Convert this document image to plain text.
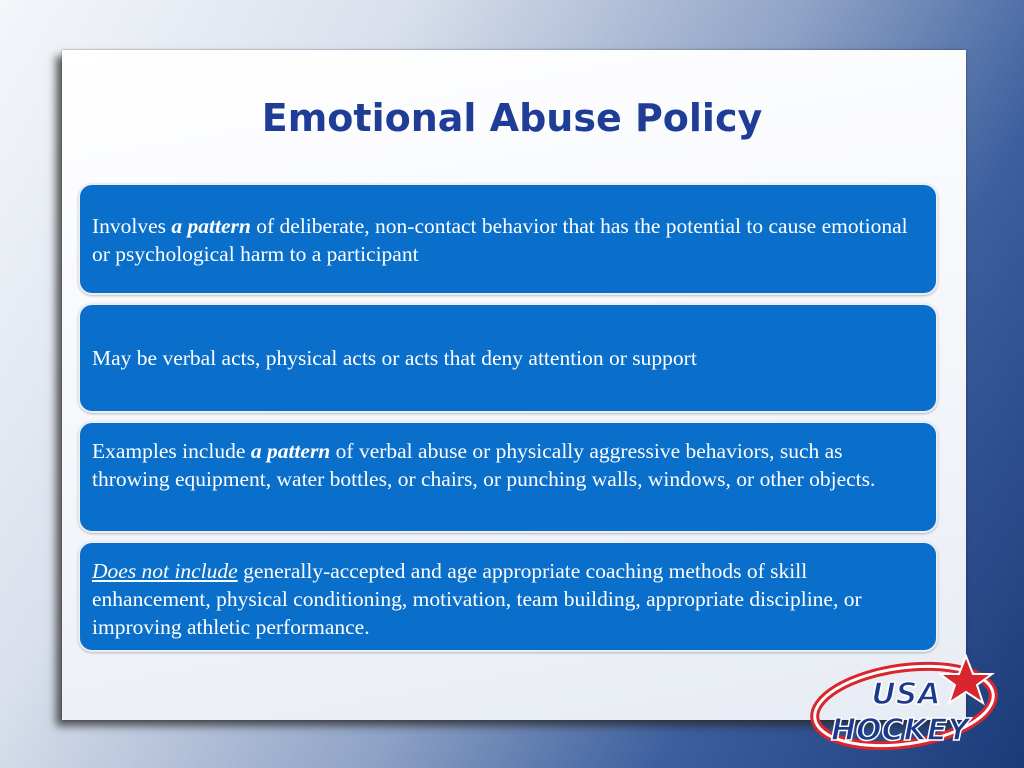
Emotional Abuse Policy
Involves a pattern of deliberate, non-contact behavior that has the potential to cause emotional or psychological harm to a participant
May be verbal acts, physical acts or acts that deny attention or support
Examples include a pattern of verbal abuse or physically aggressive behaviors, such as throwing equipment, water bottles, or chairs, or punching walls, windows, or other objects.
Does not include generally-accepted and age appropriate coaching methods of skill enhancement, physical conditioning, motivation, team building, appropriate discipline, or improving athletic performance.
USA
HOCKEY ®
